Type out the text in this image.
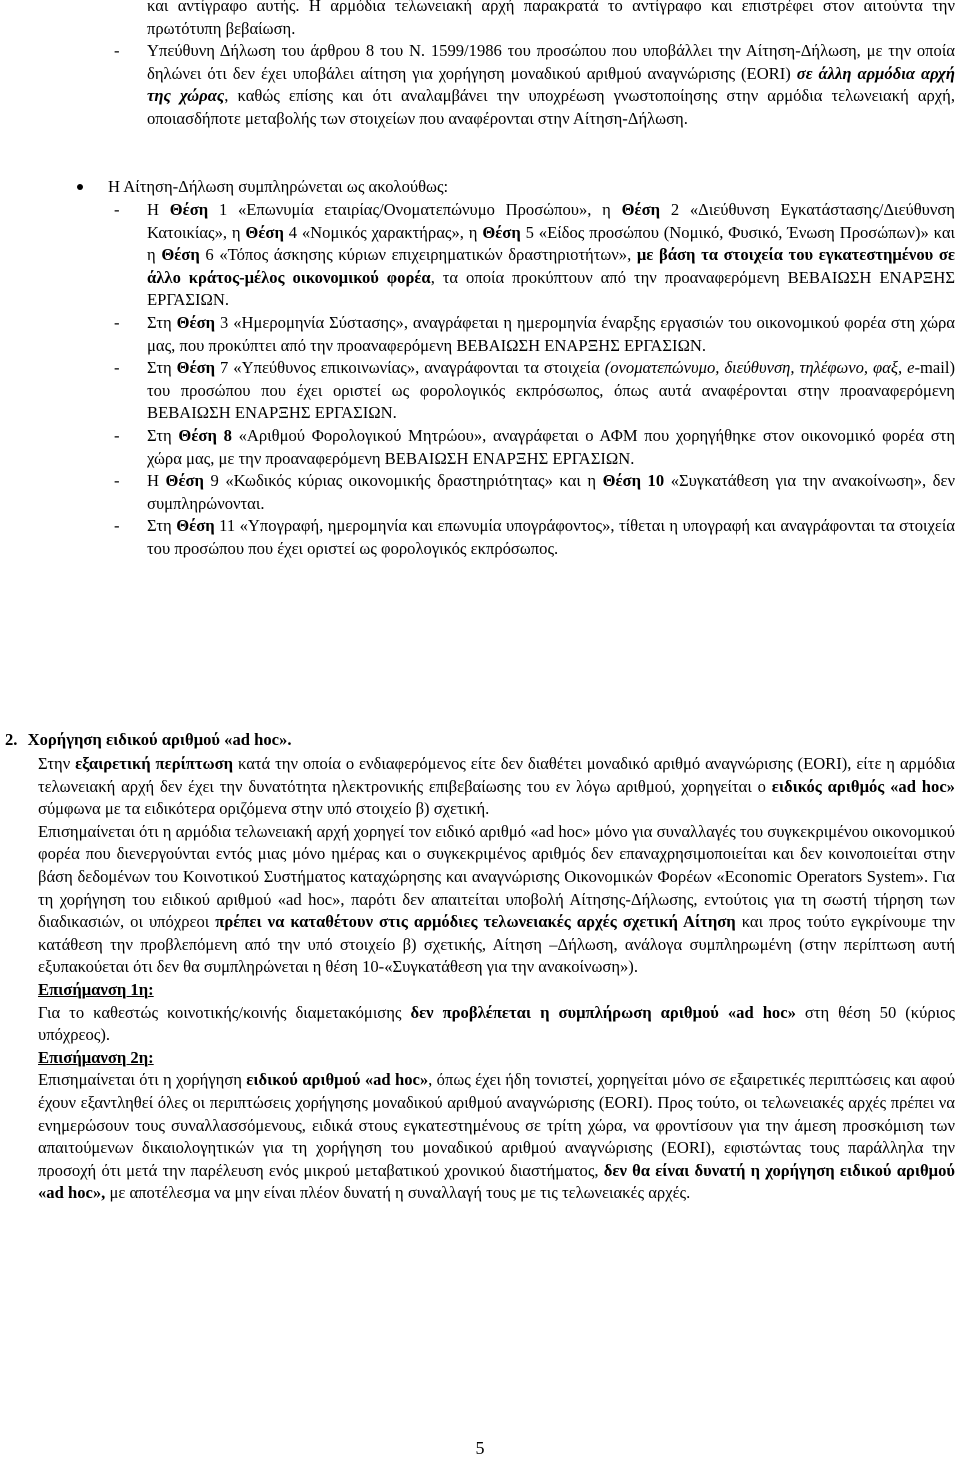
και αντίγραφο αυτής. Η αρμόδια τελωνειακή αρχή παρακρατά το αντίγραφο και επιστρέφει στον αιτούντα την πρωτότυπη βεβαίωση.

- Υπεύθυνη Δήλωση του άρθρου 8 του Ν. 1599/1986 του προσώπου που υποβάλλει την Αίτηση-Δήλωση, με την οποία δηλώνει ότι δεν έχει υποβάλει αίτηση για χορήγηση μοναδικού αριθμού αναγνώρισης (EORI) σε άλλη αρμόδια αρχή της χώρας, καθώς επίσης και ότι αναλαμβάνει την υποχρέωση γνωστοποίησης στην αρμόδια τελωνειακή αρχή, οποιασδήποτε μεταβολής των στοιχείων που αναφέρονται στην Αίτηση-Δήλωση.

Η Αίτηση-Δήλωση συμπληρώνεται ως ακολούθως:

- Η Θέση 1 «Επωνυμία εταιρίας/Ονοματεπώνυμο Προσώπου», η Θέση 2 «Διεύθυνση Εγκατάστασης/Διεύθυνση Κατοικίας», η Θέση 4 «Νομικός χαρακτήρας», η Θέση 5 «Είδος προσώπου (Νομικό, Φυσικό, Ένωση Προσώπων)» και η Θέση 6 «Τόπος άσκησης κύριων επιχειρηματικών δραστηριοτήτων», με βάση τα στοιχεία του εγκατεστημένου σε άλλο κράτος-μέλος οικονομικού φορέα, τα οποία προκύπτουν από την προαναφερόμενη ΒΕΒΑΙΩΣΗ ΕΝΑΡΞΗΣ ΕΡΓΑΣΙΩΝ.

- Στη Θέση 3 «Ημερομηνία Σύστασης», αναγράφεται η ημερομηνία έναρξης εργασιών του οικονομικού φορέα στη χώρα μας, που προκύπτει από την προαναφερόμενη ΒΕΒΑΙΩΣΗ ΕΝΑΡΞΗΣ ΕΡΓΑΣΙΩΝ.

- Στη Θέση 7 «Υπεύθυνος επικοινωνίας», αναγράφονται τα στοιχεία (ονοματεπώνυμο, διεύθυνση, τηλέφωνο, φαξ, e-mail) του προσώπου που έχει οριστεί ως φορολογικός εκπρόσωπος, όπως αυτά αναφέρονται στην προαναφερόμενη ΒΕΒΑΙΩΣΗ ΕΝΑΡΞΗΣ ΕΡΓΑΣΙΩΝ.

- Στη Θέση 8 «Αριθμού Φορολογικού Μητρώου», αναγράφεται ο ΑΦΜ που χορηγήθηκε στον οικονομικό φορέα στη χώρα μας, με την προαναφερόμενη ΒΕΒΑΙΩΣΗ ΕΝΑΡΞΗΣ ΕΡΓΑΣΙΩΝ.

- Η Θέση 9 «Κωδικός κύριας οικονομικής δραστηριότητας» και η Θέση 10 «Συγκατάθεση για την ανακοίνωση», δεν συμπληρώνονται.

- Στη Θέση 11 «Υπογραφή, ημερομηνία και επωνυμία υπογράφοντος», τίθεται η υπογραφή και αναγράφονται τα στοιχεία του προσώπου που έχει οριστεί ως φορολογικός εκπρόσωπος.

2. Χορήγηση ειδικού αριθμού «ad hoc».

Στην εξαιρετική περίπτωση κατά την οποία ο ενδιαφερόμενος είτε δεν διαθέτει μοναδικό αριθμό αναγνώρισης (EORI), είτε η αρμόδια τελωνειακή αρχή δεν έχει την δυνατότητα ηλεκτρονικής επιβεβαίωσης του εν λόγω αριθμού, χορηγείται ο ειδικός αριθμός «ad hoc» σύμφωνα με τα ειδικότερα οριζόμενα στην υπό στοιχείο β) σχετική.

Επισημαίνεται ότι η αρμόδια τελωνειακή αρχή χορηγεί τον ειδικό αριθμό «ad hoc» μόνο για συναλλαγές του συγκεκριμένου οικονομικού φορέα που διενεργούνται εντός μιας μόνο ημέρας και ο συγκεκριμένος αριθμός δεν επαναχρησιμοποιείται και δεν κοινοποιείται στην βάση δεδομένων του Κοινοτικού Συστήματος καταχώρησης και αναγνώρισης Οικονομικών Φορέων «Economic Operators System». Για τη χορήγηση του ειδικού αριθμού «ad hoc», παρότι δεν απαιτείται υποβολή Αίτησης-Δήλωσης, εντούτοις για τη σωστή τήρηση των διαδικασιών, οι υπόχρεοι πρέπει να καταθέτουν στις αρμόδιες τελωνειακές αρχές σχετική Αίτηση και προς τούτο εγκρίνουμε την κατάθεση την προβλεπόμενη από την υπό στοιχείο β) σχετικής, Αίτηση –Δήλωση, ανάλογα συμπληρωμένη (στην περίπτωση αυτή εξυπακούεται ότι δεν θα συμπληρώνεται η θέση 10-«Συγκατάθεση για την ανακοίνωση»).

Επισήμανση 1η:

Για το καθεστώς κοινοτικής/κοινής διαμετακόμισης δεν προβλέπεται η συμπλήρωση αριθμού «ad hoc» στη θέση 50 (κύριος υπόχρεος).

Επισήμανση 2η:

Επισημαίνεται ότι η χορήγηση ειδικού αριθμού «ad hoc», όπως έχει ήδη τονιστεί, χορηγείται μόνο σε εξαιρετικές περιπτώσεις και αφού έχουν εξαντληθεί όλες οι περιπτώσεις χορήγησης μοναδικού αριθμού αναγνώρισης (EORI). Προς τούτο, οι τελωνειακές αρχές πρέπει να ενημερώσουν τους συναλλασσόμενους, ειδικά στους εγκατεστημένους σε τρίτη χώρα, να φροντίσουν για την άμεση προσκόμιση των απαιτούμενων δικαιολογητικών για τη χορήγηση του μοναδικού αριθμού αναγνώρισης (EORI), εφιστώντας τους παράλληλα την προσοχή ότι μετά την παρέλευση ενός μικρού μεταβατικού χρονικού διαστήματος, δεν θα είναι δυνατή η χορήγηση ειδικού αριθμού «ad hoc», με αποτέλεσμα να μην είναι πλέον δυνατή η συναλλαγή τους με τις τελωνειακές αρχές.

5
